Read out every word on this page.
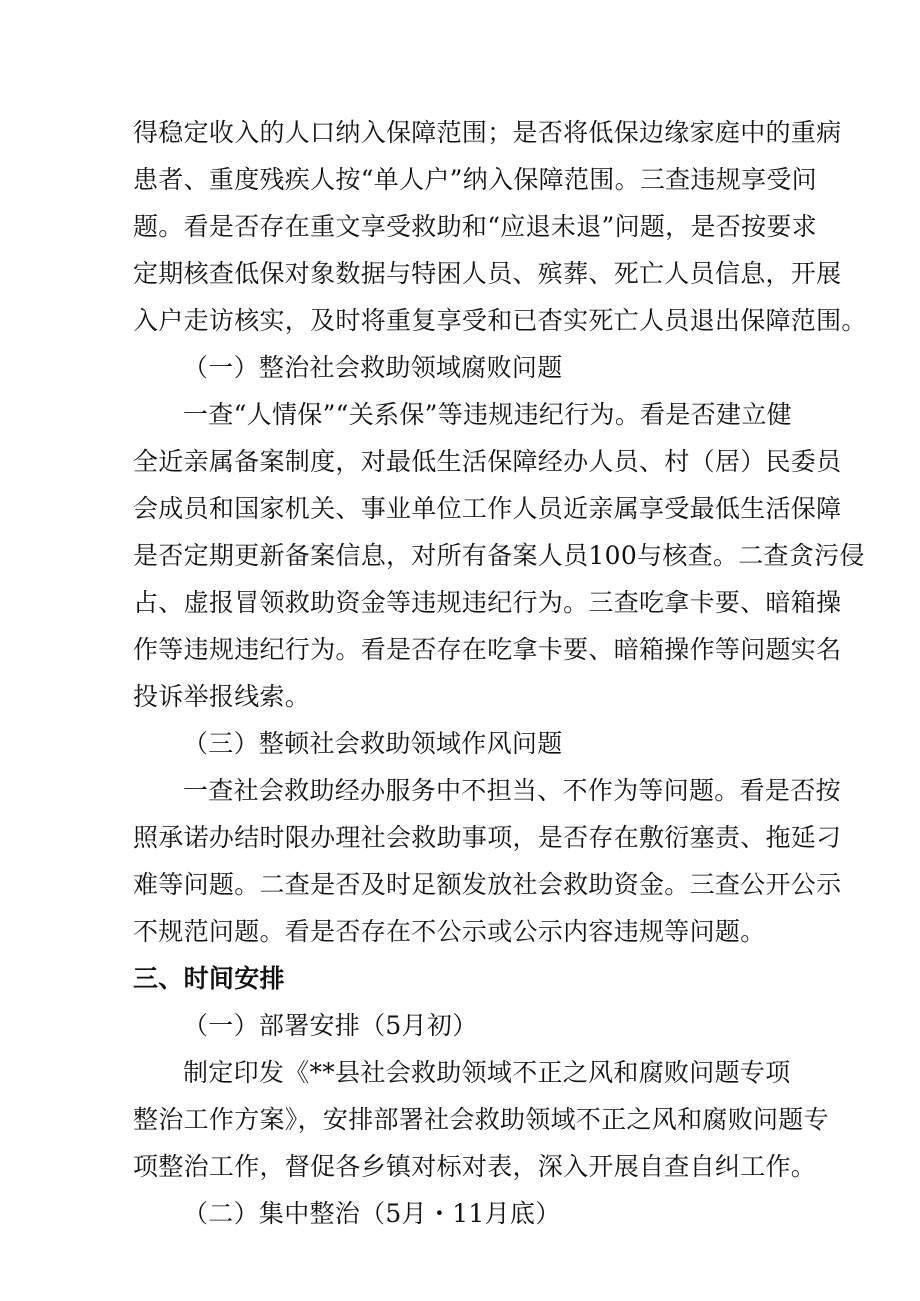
得稳定收入的人口纳入保障范围；是否将低保边缘家庭中的重病
患者、重度残疾人按“单人户”纳入保障范围。三查违规享受问
题。看是否存在重文享受救助和“应退未退”问题，是否按要求
定期核查低保对象数据与特困人员、殡葬、死亡人员信息，开展
入户走访核实，及时将重复享受和已杳实死亡人员退出保障范围。
（一）整治社会救助领域腐败问题
一查“人情保”“关系保”等违规违纪行为。看是否建立健
全近亲属备案制度，对最低生活保障经办人员、村（居）民委员
会成员和国家机关、事业单位工作人员近亲属享受最低生活保障
是否定期更新备案信息，对所有备案人员100与核查。二查贪污侵
占、虚报冒领救助资金等违规违纪行为。三查吃拿卡要、暗箱操
作等违规违纪行为。看是否存在吃拿卡要、暗箱操作等问题实名
投诉举报线索。
（三）整顿社会救助领域作风问题
一查社会救助经办服务中不担当、不作为等问题。看是否按
照承诺办结时限办理社会救助事项，是否存在敷衍塞责、拖延刁
难等问题。二查是否及时足额发放社会救助资金。三查公开公示
不规范问题。看是否存在不公示或公示内容违规等问题。
三、时间安排
（一）部署安排（5月初）
制定印发《**县社会救助领域不正之风和腐败问题专项
整治工作方案》，安排部署社会救助领域不正之风和腐败问题专
项整治工作，督促各乡镇对标对表，深入开展自查自纠工作。
（二）集中整治（5月・11月底）
